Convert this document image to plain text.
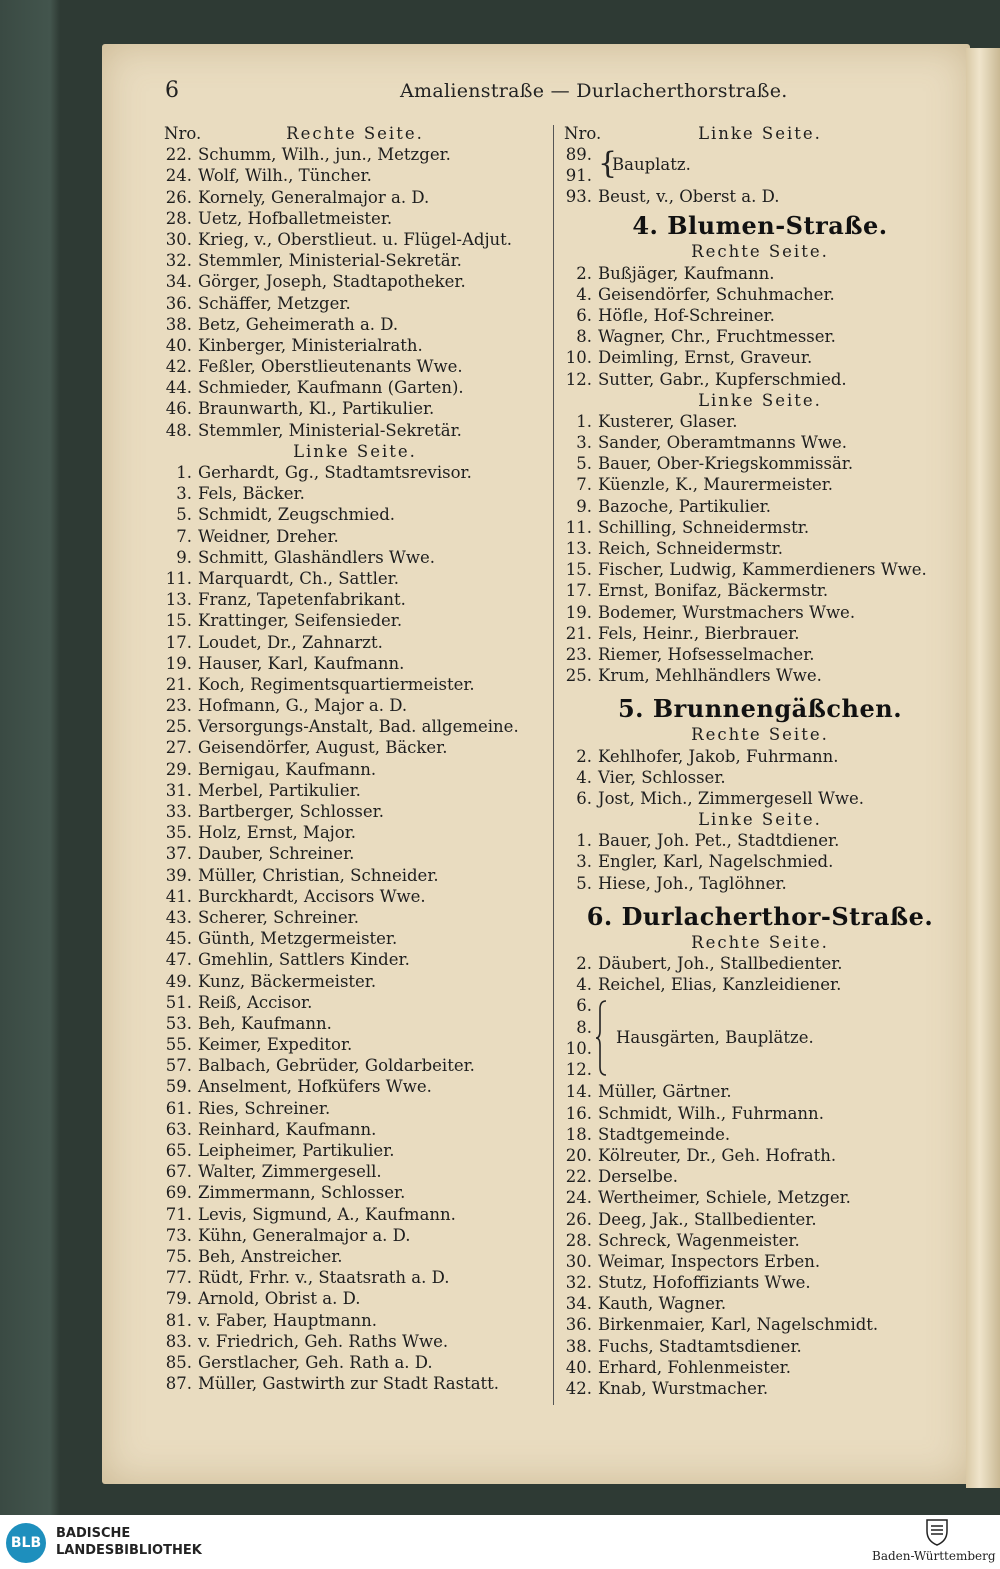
6	Amalienstraße — Durlacherthorstraße.
Nro.	Rechte Seite.
22. Schumm, Wilh., jun., Metzger.
24. Wolf, Wilh., Tüncher.
26. Kornely, Generalmajor a. D.
28. Uetz, Hofballetmeister.
30. Krieg, v., Oberstlieut. u. Flügel-Adjut.
32. Stemmler, Ministerial-Sekretär.
34. Görger, Joseph, Stadtapotheker.
36. Schäffer, Metzger.
38. Betz, Geheimerath a. D.
40. Kinberger, Ministerialrath.
42. Feßler, Oberstlieutenants Wwe.
44. Schmieder, Kaufmann (Garten).
46. Braunwarth, Kl., Partikulier.
48. Stemmler, Ministerial-Sekretär.
Linke Seite.
1. Gerhardt, Gg., Stadtamtsrevisor.
3. Fels, Bäcker.
5. Schmidt, Zeugschmied.
7. Weidner, Dreher.
9. Schmitt, Glashändlers Wwe.
11. Marquardt, Ch., Sattler.
13. Franz, Tapetenfabrikant.
15. Krattinger, Seifensieder.
17. Loudet, Dr., Zahnarzt.
19. Hauser, Karl, Kaufmann.
21. Koch, Regimentsquartiermeister.
23. Hofmann, G., Major a. D.
25. Versorgungs-Anstalt, Bad. allgemeine.
27. Geisendörfer, August, Bäcker.
29. Bernigau, Kaufmann.
31. Merbel, Partikulier.
33. Bartberger, Schlosser.
35. Holz, Ernst, Major.
37. Dauber, Schreiner.
39. Müller, Christian, Schneider.
41. Burckhardt, Accisors Wwe.
43. Scherer, Schreiner.
45. Günth, Metzgermeister.
47. Gmehlin, Sattlers Kinder.
49. Kunz, Bäckermeister.
51. Reiß, Accisor.
53. Beh, Kaufmann.
55. Keimer, Expeditor.
57. Balbach, Gebrüder, Goldarbeiter.
59. Anselment, Hofküfers Wwe.
61. Ries, Schreiner.
63. Reinhard, Kaufmann.
65. Leipheimer, Partikulier.
67. Walter, Zimmergesell.
69. Zimmermann, Schlosser.
71. Levis, Sigmund, A., Kaufmann.
73. Kühn, Generalmajor a. D.
75. Beh, Anstreicher.
77. Rüdt, Frhr. v., Staatsrath a. D.
79. Arnold, Obrist a. D.
81. v. Faber, Hauptmann.
83. v. Friedrich, Geh. Raths Wwe.
85. Gerstlacher, Geh. Rath a. D.
87. Müller, Gastwirth zur Stadt Rastatt.
Nro.	Linke Seite.
89.
91. {
Bauplatz.
93. Beust, v., Oberst a. D.
4. Blumen-Straße.
Rechte Seite.
2. Bußjäger, Kaufmann.
4. Geisendörfer, Schuhmacher.
6. Höfle, Hof-Schreiner.
8. Wagner, Chr., Fruchtmesser.
10. Deimling, Ernst, Graveur.
12. Sutter, Gabr., Kupferschmied.
Linke Seite.
1. Kusterer, Glaser.
3. Sander, Oberamtmanns Wwe.
5. Bauer, Ober-Kriegskommissär.
7. Küenzle, K., Maurermeister.
9. Bazoche, Partikulier.
11. Schilling, Schneidermstr.
13. Reich, Schneidermstr.
15. Fischer, Ludwig, Kammerdieners Wwe.
17. Ernst, Bonifaz, Bäckermstr.
19. Bodemer, Wurstmachers Wwe.
21. Fels, Heinr., Bierbrauer.
23. Riemer, Hofsesselmacher.
25. Krum, Mehlhändlers Wwe.
5. Brunnengäßchen.
Rechte Seite.
2. Kehlhofer, Jakob, Fuhrmann.
4. Vier, Schlosser.
6. Jost, Mich., Zimmergesell Wwe.
Linke Seite.
1. Bauer, Joh. Pet., Stadtdiener.
3. Engler, Karl, Nagelschmied.
5. Hiese, Joh., Taglöhner.
6. Durlacherthor-Straße.
Rechte Seite.
2. Däubert, Joh., Stallbedienter.
4. Reichel, Elias, Kanzleidiener.
6.
8.
10.
12.
Hausgärten, Bauplätze.
14. Müller, Gärtner.
16. Schmidt, Wilh., Fuhrmann.
18. Stadtgemeinde.
20. Kölreuter, Dr., Geh. Hofrath.
22. Derselbe.
24. Wertheimer, Schiele, Metzger.
26. Deeg, Jak., Stallbedienter.
28. Schreck, Wagenmeister.
30. Weimar, Inspectors Erben.
32. Stutz, Hofoffiziants Wwe.
34. Kauth, Wagner.
36. Birkenmaier, Karl, Nagelschmidt.
38. Fuchs, Stadtamtsdiener.
40. Erhard, Fohlenmeister.
42. Knab, Wurstmacher.
BLB
BADISCHE
LANDESBIBLIOTHEK	Baden-Württemberg
